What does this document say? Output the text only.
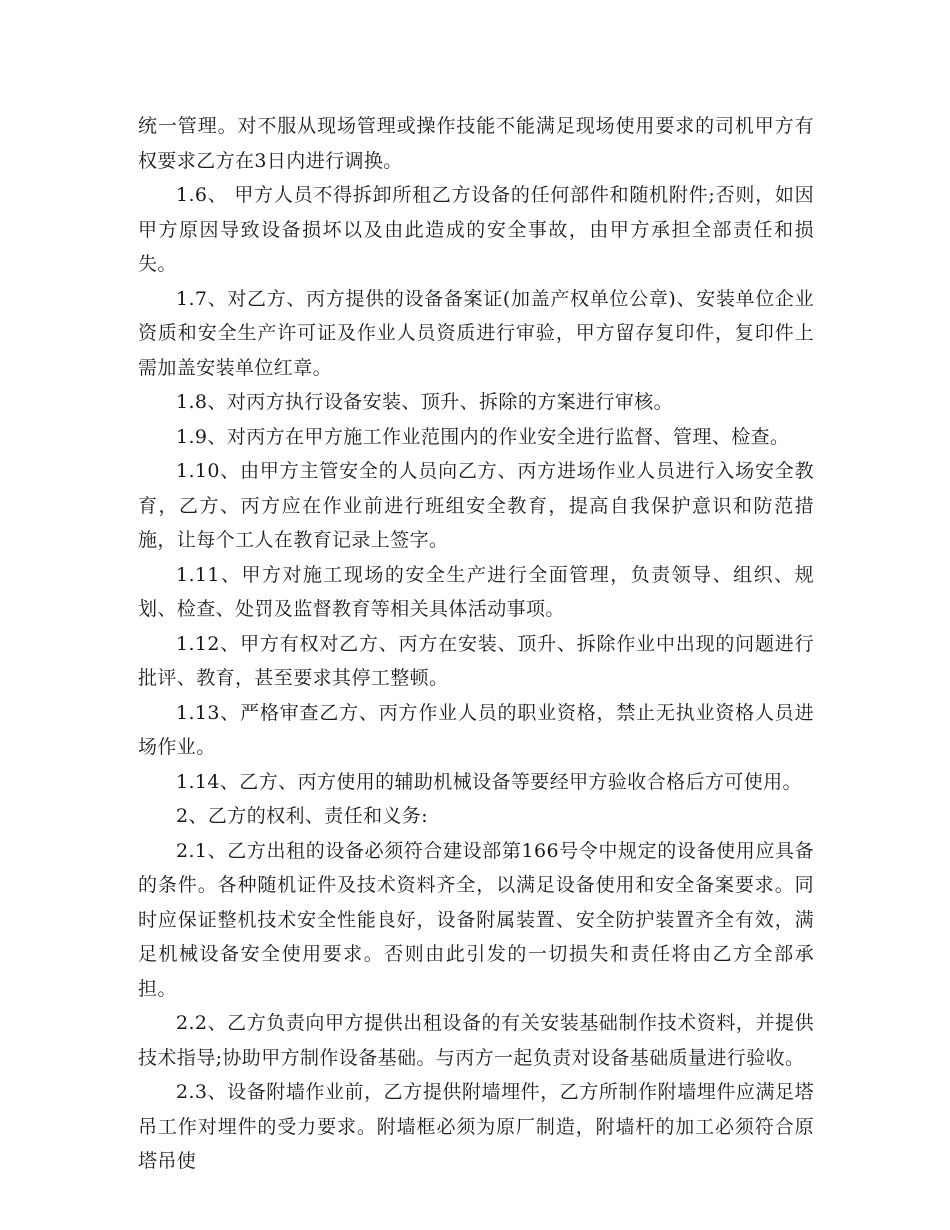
统一管理。对不服从现场管理或操作技能不能满足现场使用要求的司机甲方有权要求乙方在3日内进行调换。

1.6、 甲方人员不得拆卸所租乙方设备的任何部件和随机附件;否则，如因甲方原因导致设备损坏以及由此造成的安全事故，由甲方承担全部责任和损失。

1.7、对乙方、丙方提供的设备备案证(加盖产权单位公章)、安装单位企业资质和安全生产许可证及作业人员资质进行审验，甲方留存复印件，复印件上需加盖安装单位红章。

1.8、对丙方执行设备安装、顶升、拆除的方案进行审核。

1.9、对丙方在甲方施工作业范围内的作业安全进行监督、管理、检查。

1.10、由甲方主管安全的人员向乙方、丙方进场作业人员进行入场安全教育，乙方、丙方应在作业前进行班组安全教育，提高自我保护意识和防范措施，让每个工人在教育记录上签字。

1.11、甲方对施工现场的安全生产进行全面管理，负责领导、组织、规划、检查、处罚及监督教育等相关具体活动事项。

1.12、甲方有权对乙方、丙方在安装、顶升、拆除作业中出现的问题进行批评、教育，甚至要求其停工整顿。

1.13、严格审查乙方、丙方作业人员的职业资格，禁止无执业资格人员进场作业。

1.14、乙方、丙方使用的辅助机械设备等要经甲方验收合格后方可使用。

2、乙方的权利、责任和义务:

2.1、乙方出租的设备必须符合建设部第166号令中规定的设备使用应具备的条件。各种随机证件及技术资料齐全，以满足设备使用和安全备案要求。同时应保证整机技术安全性能良好，设备附属装置、安全防护装置齐全有效，满足机械设备安全使用要求。否则由此引发的一切损失和责任将由乙方全部承担。

2.2、乙方负责向甲方提供出租设备的有关安装基础制作技术资料，并提供技术指导;协助甲方制作设备基础。与丙方一起负责对设备基础质量进行验收。

2.3、设备附墙作业前，乙方提供附墙埋件，乙方所制作附墙埋件应满足塔吊工作对埋件的受力要求。附墙框必须为原厂制造，附墙杆的加工必须符合原塔吊使
